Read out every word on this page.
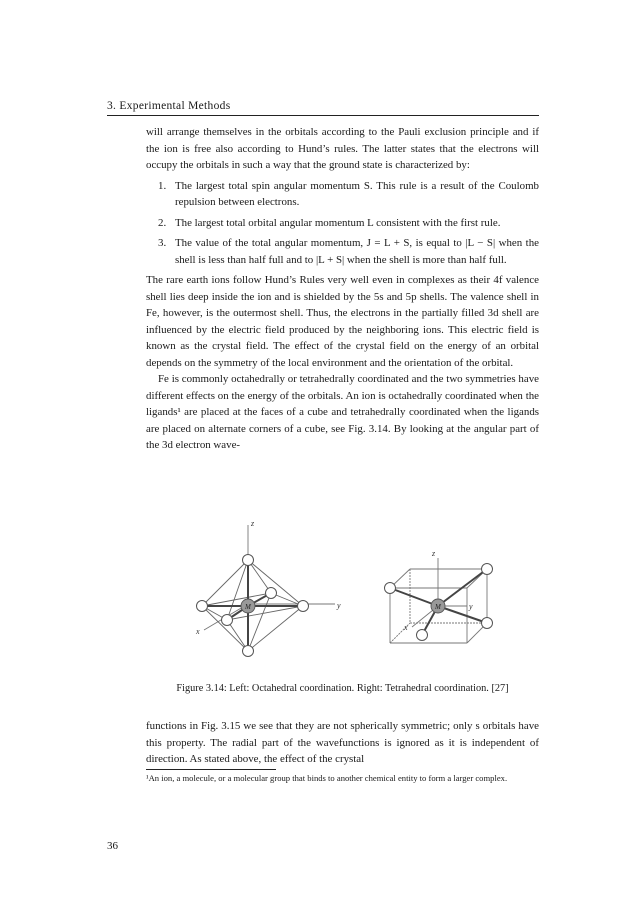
3. Experimental Methods

will arrange themselves in the orbitals according to the Pauli exclusion principle and if the ion is free also according to Hund’s rules. The latter states that the electrons will occupy the orbitals in such a way that the ground state is characterized by:

1. The largest total spin angular momentum S. This rule is a result of the Coulomb repulsion between electrons.
2. The largest total orbital angular momentum L consistent with the first rule.
3. The value of the total angular momentum, J = L + S, is equal to |L − S| when the shell is less than half full and to |L + S| when the shell is more than half full.

The rare earth ions follow Hund’s Rules very well even in complexes as their 4f valence shell lies deep inside the ion and is shielded by the 5s and 5p shells. The valence shell in Fe, however, is the outermost shell. Thus, the electrons in the partially filled 3d shell are influenced by the electric field produced by the neighboring ions. This electric field is known as the crystal field. The effect of the crystal field on the energy of an orbital depends on the symmetry of the local environment and the orientation of the orbital.

Fe is commonly octahedrally or tetrahedrally coordinated and the two symmetries have different effects on the energy of the orbitals. An ion is octahedrally coordinated when the ligands¹ are placed at the faces of a cube and tetrahedrally coordinated when the ligands are placed on alternate corners of a cube, see Fig. 3.14. By looking at the angular part of the 3d electron wave-

z
y
x
M
z
y
x
M
Figure 3.14: Left: Octahedral coordination. Right: Tetrahedral coordination. [27]
functions in Fig. 3.15 we see that they are not spherically symmetric; only s orbitals have this property. The radial part of the wavefunctions is ignored as it is independent of direction. As stated above, the effect of the crystal
¹An ion, a molecule, or a molecular group that binds to another chemical entity to form a larger complex.
36
